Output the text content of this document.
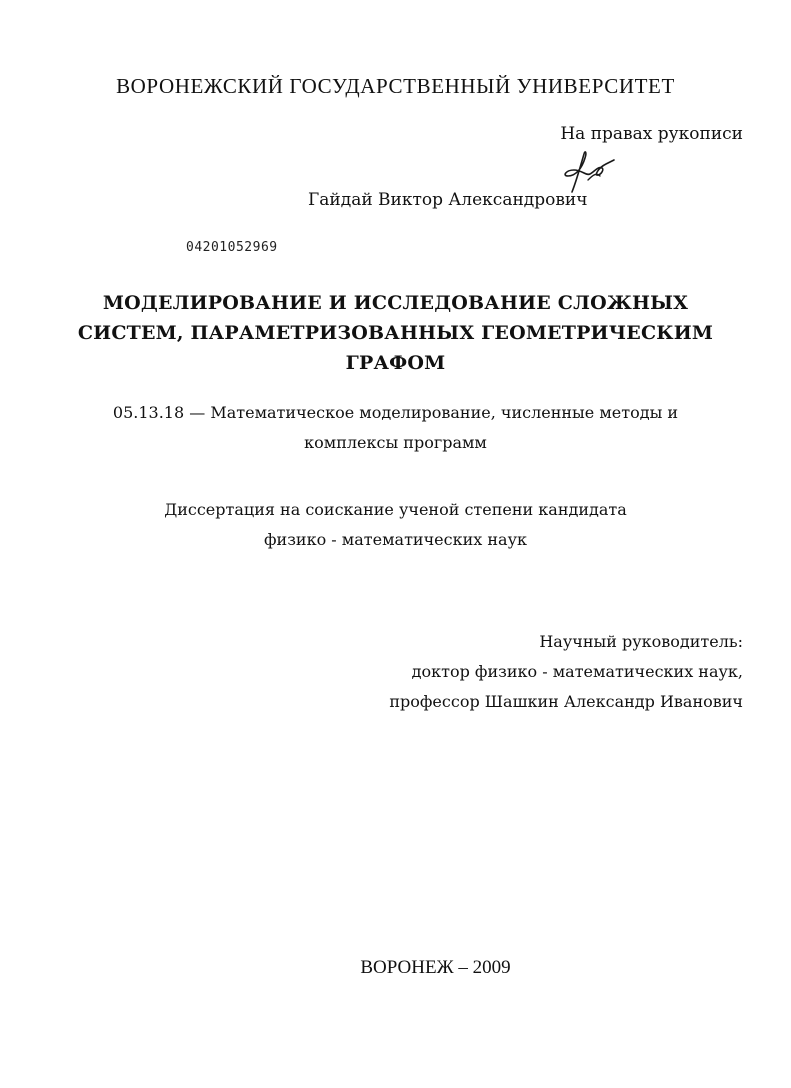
ВОРОНЕЖСКИЙ ГОСУДАРСТВЕННЫЙ УНИВЕРСИТЕТ
На правах рукописи
Гайдай Виктор Александрович
04201052969
МОДЕЛИРОВАНИЕ И ИССЛЕДОВАНИЕ СЛОЖНЫХ
СИСТЕМ, ПАРАМЕТРИЗОВАННЫХ ГЕОМЕТРИЧЕСКИМ
ГРАФОМ
05.13.18 — Математическое моделирование, численные методы и
комплексы программ
Диссертация на соискание ученой степени кандидата
физико - математических наук
Научный руководитель:
доктор физико - математических наук,
профессор Шашкин Александр Иванович
ВОРОНЕЖ – 2009
